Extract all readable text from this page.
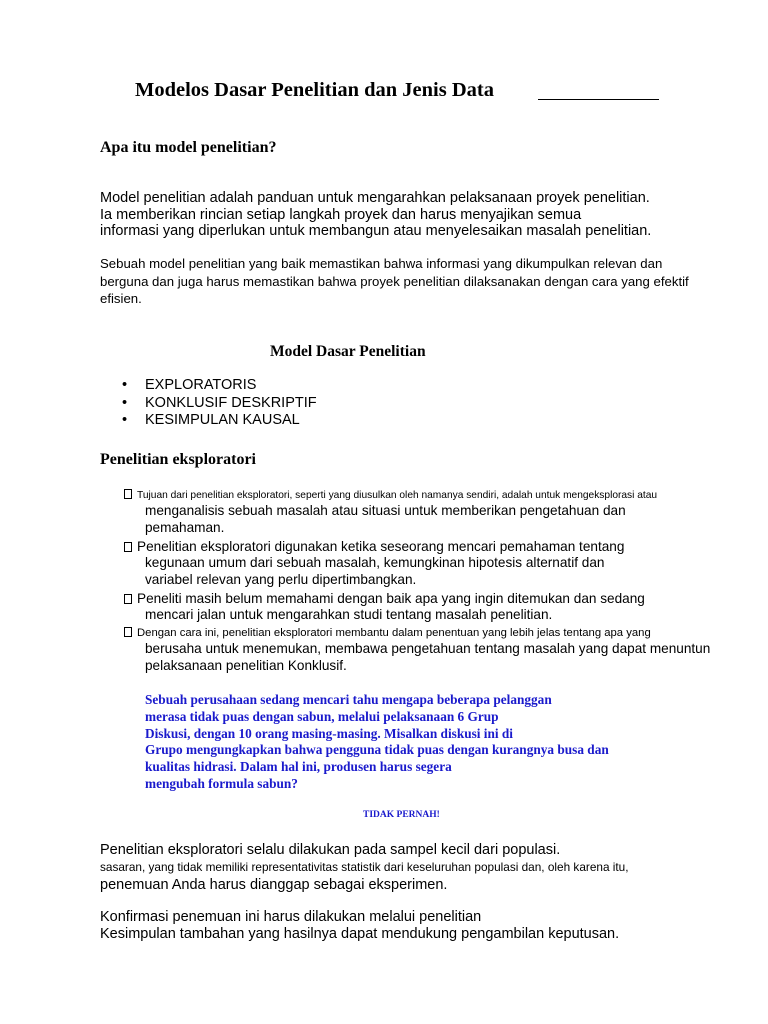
Modelos Dasar Penelitian dan Jenis Data
Apa itu model penelitian?
Model penelitian adalah panduan untuk mengarahkan pelaksanaan proyek penelitian.
Ia memberikan rincian setiap langkah proyek dan harus menyajikan semua
informasi yang diperlukan untuk membangun atau menyelesaikan masalah penelitian.
Sebuah model penelitian yang baik memastikan bahwa informasi yang dikumpulkan relevan dan
berguna dan juga harus memastikan bahwa proyek penelitian dilaksanakan dengan cara yang efektif
efisien.
Model Dasar Penelitian
• EXPLORATORIS
• KONKLUSIF DESKRIPTIF
• KESIMPULAN KAUSAL
Penelitian eksploratori
Tujuan dari penelitian eksploratori, seperti yang diusulkan oleh namanya sendiri, adalah untuk mengeksplorasi atau
menganalisis sebuah masalah atau situasi untuk memberikan pengetahuan dan
pemahaman.
Penelitian eksploratori digunakan ketika seseorang mencari pemahaman tentang
kegunaan umum dari sebuah masalah, kemungkinan hipotesis alternatif dan
variabel relevan yang perlu dipertimbangkan.
Peneliti masih belum memahami dengan baik apa yang ingin ditemukan dan sedang
mencari jalan untuk mengarahkan studi tentang masalah penelitian.
Dengan cara ini, penelitian eksploratori membantu dalam penentuan yang lebih jelas tentang apa yang
berusaha untuk menemukan, membawa pengetahuan tentang masalah yang dapat menuntun
pelaksanaan penelitian Konklusif.
Sebuah perusahaan sedang mencari tahu mengapa beberapa pelanggan
merasa tidak puas dengan sabun, melalui pelaksanaan 6 Grup
Diskusi, dengan 10 orang masing-masing. Misalkan diskusi ini di
Grupo mengungkapkan bahwa pengguna tidak puas dengan kurangnya busa dan
kualitas hidrasi. Dalam hal ini, produsen harus segera
mengubah formula sabun?
TIDAK PERNAH!
Penelitian eksploratori selalu dilakukan pada sampel kecil dari populasi.
sasaran, yang tidak memiliki representativitas statistik dari keseluruhan populasi dan, oleh karena itu,
penemuan Anda harus dianggap sebagai eksperimen.
Konfirmasi penemuan ini harus dilakukan melalui penelitian
Kesimpulan tambahan yang hasilnya dapat mendukung pengambilan keputusan.
